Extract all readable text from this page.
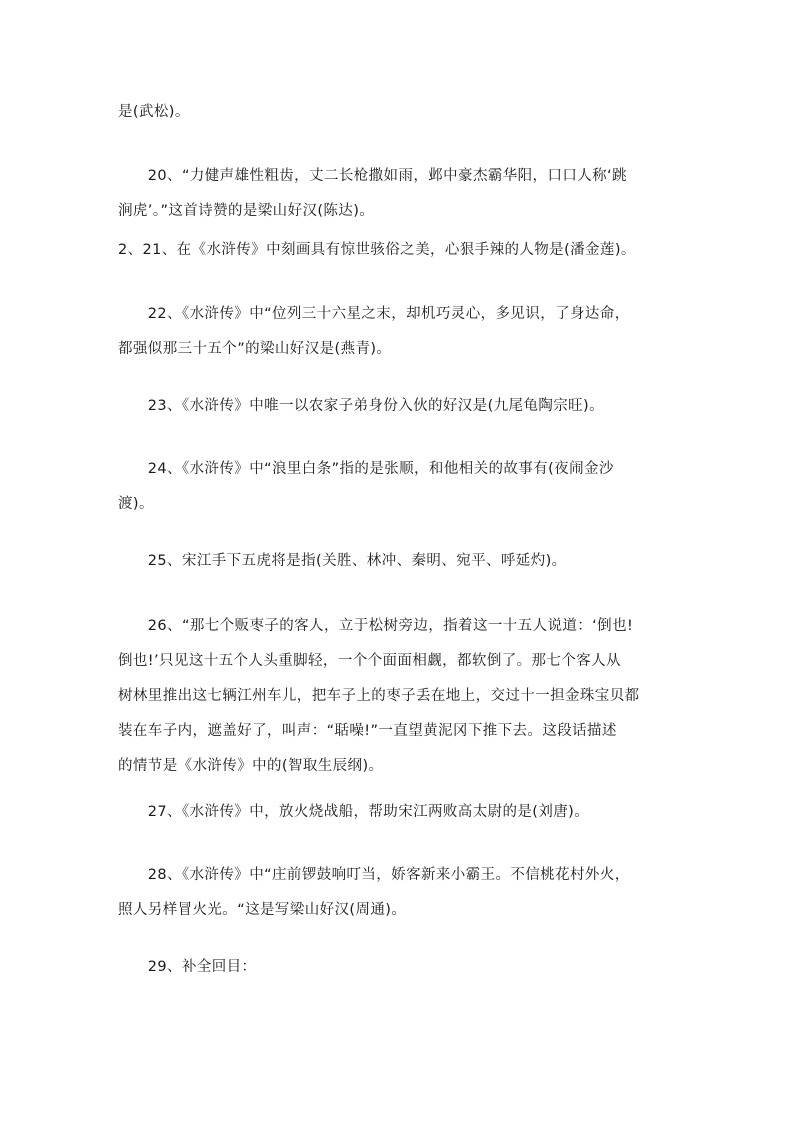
是(武松)。
　　20、“力健声雄性粗齿，丈二长枪撒如雨，邺中豪杰霸华阳，口口人称‘跳
涧虎’。”这首诗赞的是梁山好汉(陈达)。
2、21、在《水浒传》中刻画具有惊世骇俗之美，心狠手辣的人物是(潘金莲)。
　　22、《水浒传》中“位列三十六星之末，却机巧灵心，多见识，了身达命，
都强似那三十五个”的梁山好汉是(燕青)。
　　23、《水浒传》中唯一以农家子弟身份入伙的好汉是(九尾龟陶宗旺)。
　　24、《水浒传》中“浪里白条”指的是张顺，和他相关的故事有(夜闹金沙
渡)。
　　25、宋江手下五虎将是指(关胜、林冲、秦明、宛平、呼延灼)。
　　26、“那七个贩枣子的客人，立于松树旁边，指着这一十五人说道：‘倒也!
倒也!’只见这十五个人头重脚轻，一个个面面相觑，都软倒了。那七个客人从
树林里推出这七辆江州车儿，把车子上的枣子丢在地上，交过十一担金珠宝贝都
装在车子内，遮盖好了，叫声：“聒噪!”一直望黄泥冈下推下去。这段话描述
的情节是《水浒传》中的(智取生辰纲)。
　　27、《水浒传》中，放火烧战船，帮助宋江两败高太尉的是(刘唐)。
　　28、《水浒传》中“庄前锣鼓响叮当，娇客新来小霸王。不信桃花村外火，
照人另样冒火光。“这是写梁山好汉(周通)。
　　29、补全回目：
